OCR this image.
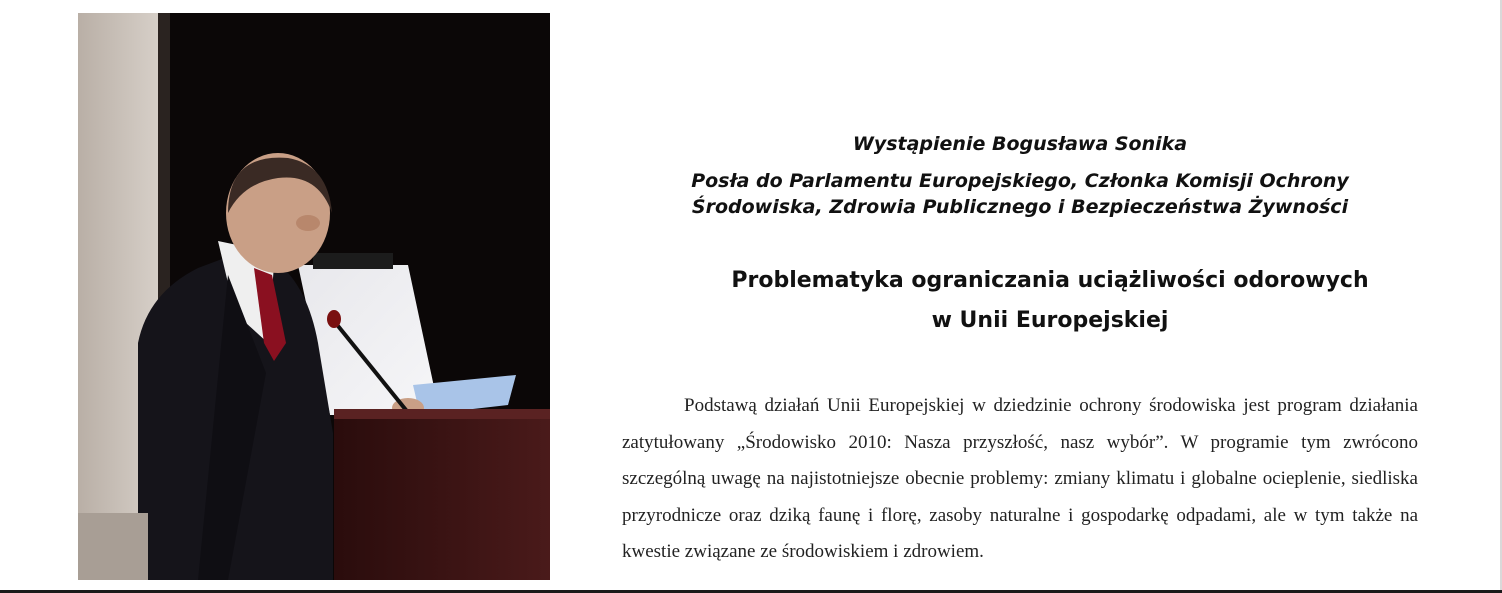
Wystąpienie Bogusława Sonika
Posła do Parlamentu Europejskiego, Członka Komisji Ochrony
Środowiska, Zdrowia Publicznego i Bezpieczeństwa Żywności
Problematyka ograniczania uciążliwości odorowych
w Unii Europejskiej

Podstawą działań Unii Europejskiej w dziedzinie ochrony środowiska jest program działania zatytułowany „Środowisko 2010: Nasza przyszłość, nasz wybór”. W programie tym zwrócono szczególną uwagę na najistotniejsze obecnie problemy: zmiany klimatu i globalne ocieplenie, siedliska przyrodnicze oraz dziką faunę i florę, zasoby naturalne i gospodarkę odpadami, ale w tym także na kwestie związane ze środowiskiem i zdrowiem.
